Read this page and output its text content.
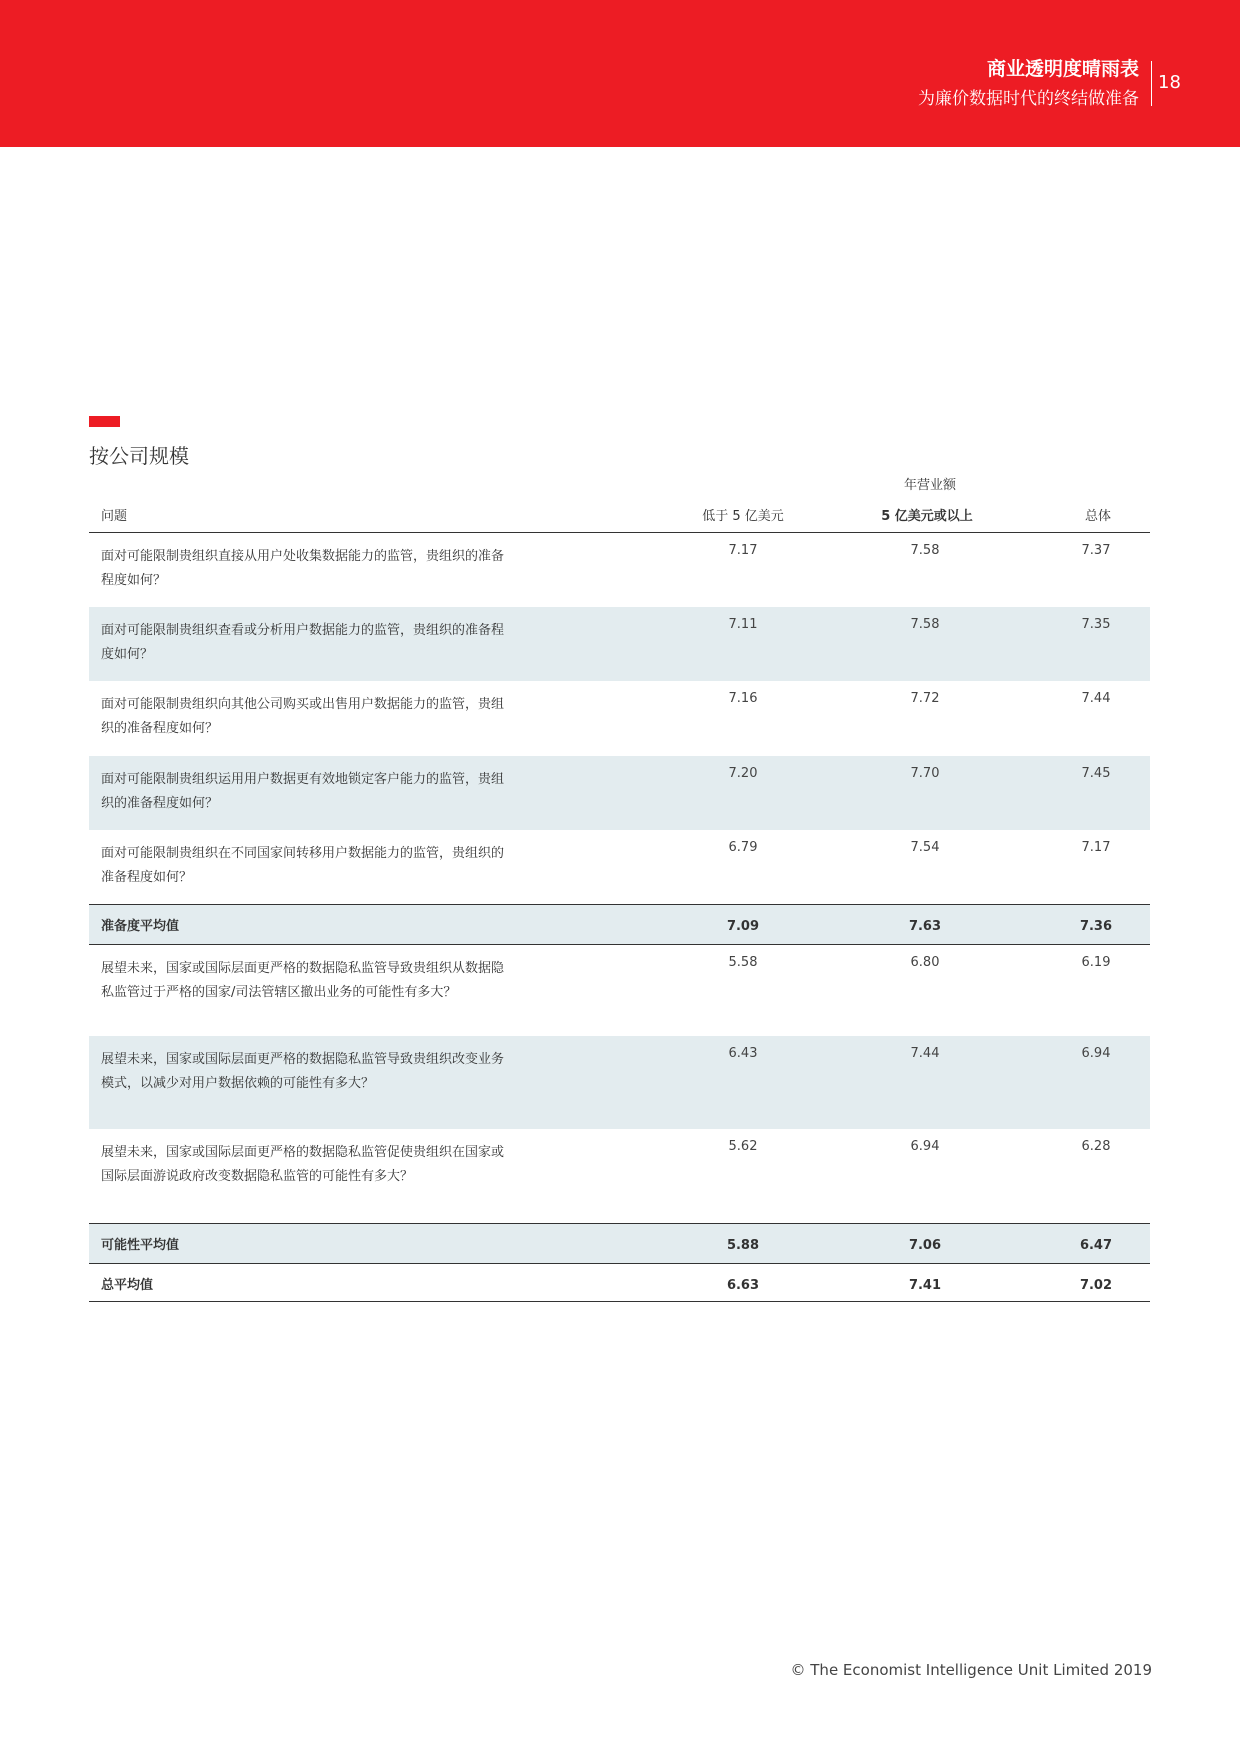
商业透明度晴雨表
为廉价数据时代的终结做准备
18
按公司规模
年营业额
问题	低于 5 亿美元	5 亿美元或以上	总体
面对可能限制贵组织直接从用户处收集数据能力的监管，贵组织的准备程度如何？
7.17	7.58	7.37
面对可能限制贵组织查看或分析用户数据能力的监管，贵组织的准备程度如何？
7.11	7.58	7.35
面对可能限制贵组织向其他公司购买或出售用户数据能力的监管，贵组织的准备程度如何？
7.16	7.72	7.44
面对可能限制贵组织运用用户数据更有效地锁定客户能力的监管，贵组织的准备程度如何？
7.20	7.70	7.45
面对可能限制贵组织在不同国家间转移用户数据能力的监管，贵组织的准备程度如何？
6.79	7.54	7.17
准备度平均值	7.09	7.63	7.36
展望未来，国家或国际层面更严格的数据隐私监管导致贵组织从数据隐私监管过于严格的国家/司法管辖区撤出业务的可能性有多大？
5.58	6.80	6.19
展望未来，国家或国际层面更严格的数据隐私监管导致贵组织改变业务模式，以减少对用户数据依赖的可能性有多大？
6.43	7.44	6.94
展望未来，国家或国际层面更严格的数据隐私监管促使贵组织在国家或国际层面游说政府改变数据隐私监管的可能性有多大？
5.62	6.94	6.28
可能性平均值	5.88	7.06	6.47
总平均值	6.63	7.41	7.02
© The Economist Intelligence Unit Limited 2019
